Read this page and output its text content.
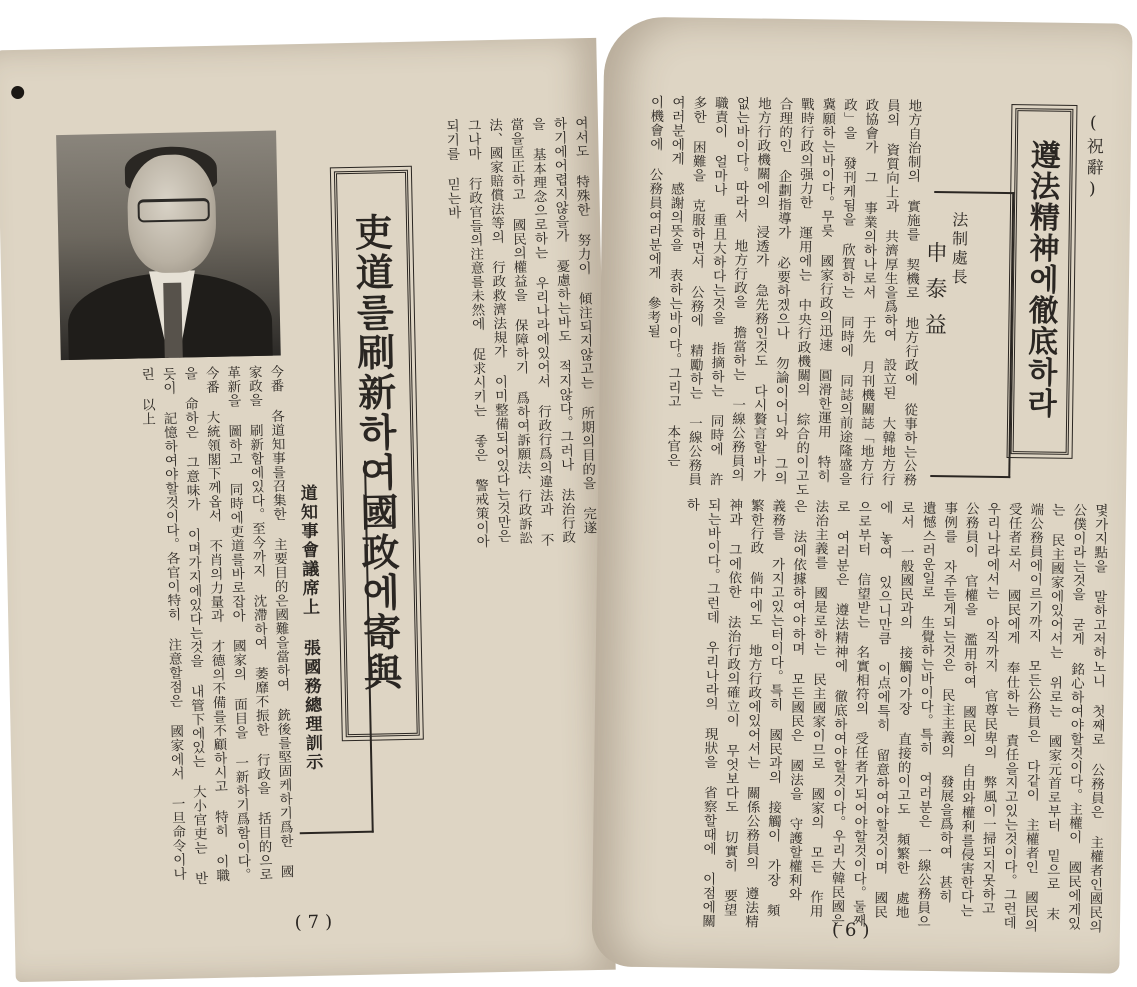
吏道를刷新하여國政에寄與
道知事會議席上 張國務總理訓示
여서도 特殊한 努力이 傾注되지않고는 所期의目的을 完遂하기에어렵지않을가 憂慮하는바도 적지않다。그러나 法治行政을 基本理念으로하는 우리나라에있어서 行政行爲의違法과 不當을匡正하고 國民의權益을 保障하기 爲하여訴願法、行政訴訟法、國家賠償法等의 行政救濟法規가 이미整備되어있다는것만은 그나마 行政官들의注意를未然에 促求시키는 좋은 警戒策이아되기를 믿는바
今番 各道知事를召集한 主要目的은國難을當하여 銃後를堅固케하기爲한 國家政을 刷新함에있다。至今까지 沈滯하여 萎靡不振한 行政을 括目的으로 革新을 圖하고 同時에吏道를바로잡아 國家의 面目을 一新하기爲함이다。今番 大統領閣下께옵서 不肖의力量과 才德의不備를不顧하시고 特히 이職을 命하은 그意味가 이며가지에있다는것을 내管下에있는 大小官吏는 반듯이 記憶하여야할것이다。各官이特히 注意할점은 國家에서 一旦命令이나린 以上
(7)
(祝辭)
遵法精神에徹底하라
法制處長
申泰益
地方自治制의 實施를 契機로 地方行政에 從事하는公務員의 資質向上과 共濟厚生을爲하여 設立된 大韓地方行政協會가 그 事業의하나로서 于先 月刊機關誌「地方行政」을 發刊케됨을 欣賀하는 同時에 同誌의前途隆盛을 冀願하는바이다。무릇 國家行政의迅速 圓滑한運用 特히 戰時行政의强力한 運用에는 中央行政機關의 綜合的이고도 合理的인 企劃指導가 必要하겠으나 勿論이어니와 그의 地方行政機關에의 浸透가 急先務인것도 다시贅言할바가 없는바이다。따라서 地方行政을 擔當하는 一線公務員의 職責이 얼마나 重且大하다는것을 指摘하는 同時에 許多한 困難을 克服하면서 公務에 精勵하는 一線公務員여러분에게 感謝의뜻을 表하는바이다。그리고 本官은 이機會에 公務員여러분에게 參考될
몇가지點을 말하고저하노니 첫째로 公務員은 主權者인國民의 公僕이라는것을 굳게 銘心하여야할것이다。主權이 國民에게있는 民主國家에있어서는 위로는 國家元首로부터 밑으로 末端公務員에이르기까지 모든公務員은 다같이 主權者인 國民의 受任者로서 國民에게 奉仕하는 責任을지고있는것이다。그런데 우리나라에서는 아직까지 官尊民卑의 弊風이一掃되지못하고 公務員이 官權을 濫用하여 國民의 自由와權利를侵害한다는 事例를 자주듣게되는것은 民主主義의 發展을爲하여 甚히 遺憾스러운일로 生覺하는바이다。특히 여러분은 一線公務員으로서 一般國民과의 接觸이가장 直接的이고도 頻繁한 處地에 놓여 있으니만큼 이点에특히 留意하여야할것이며 國民으로부터 信望받는 名實相符의 受任者가되어야할것이다。둘째로 여러분은 遵法精神에 徹底하여야할것이다。우리大韓民國은 法治主義를 國是로하는 民主國家이므로 國家의 모든 作用은 法에依據하여야하며 모든國民은 國法을 守護할權利와 義務를 가지고있는터이다。특히 國民과의 接觸이 가장 頻繁한行政 倘中에도 地方行政에있어서는 關係公務員의 遵法精神과 그에依한 法治行政의確立이 무엇보다도 切實히 要望되는바이다。그런데 우리나라의 現狀을 省察할때에 이점에關하
(6)
